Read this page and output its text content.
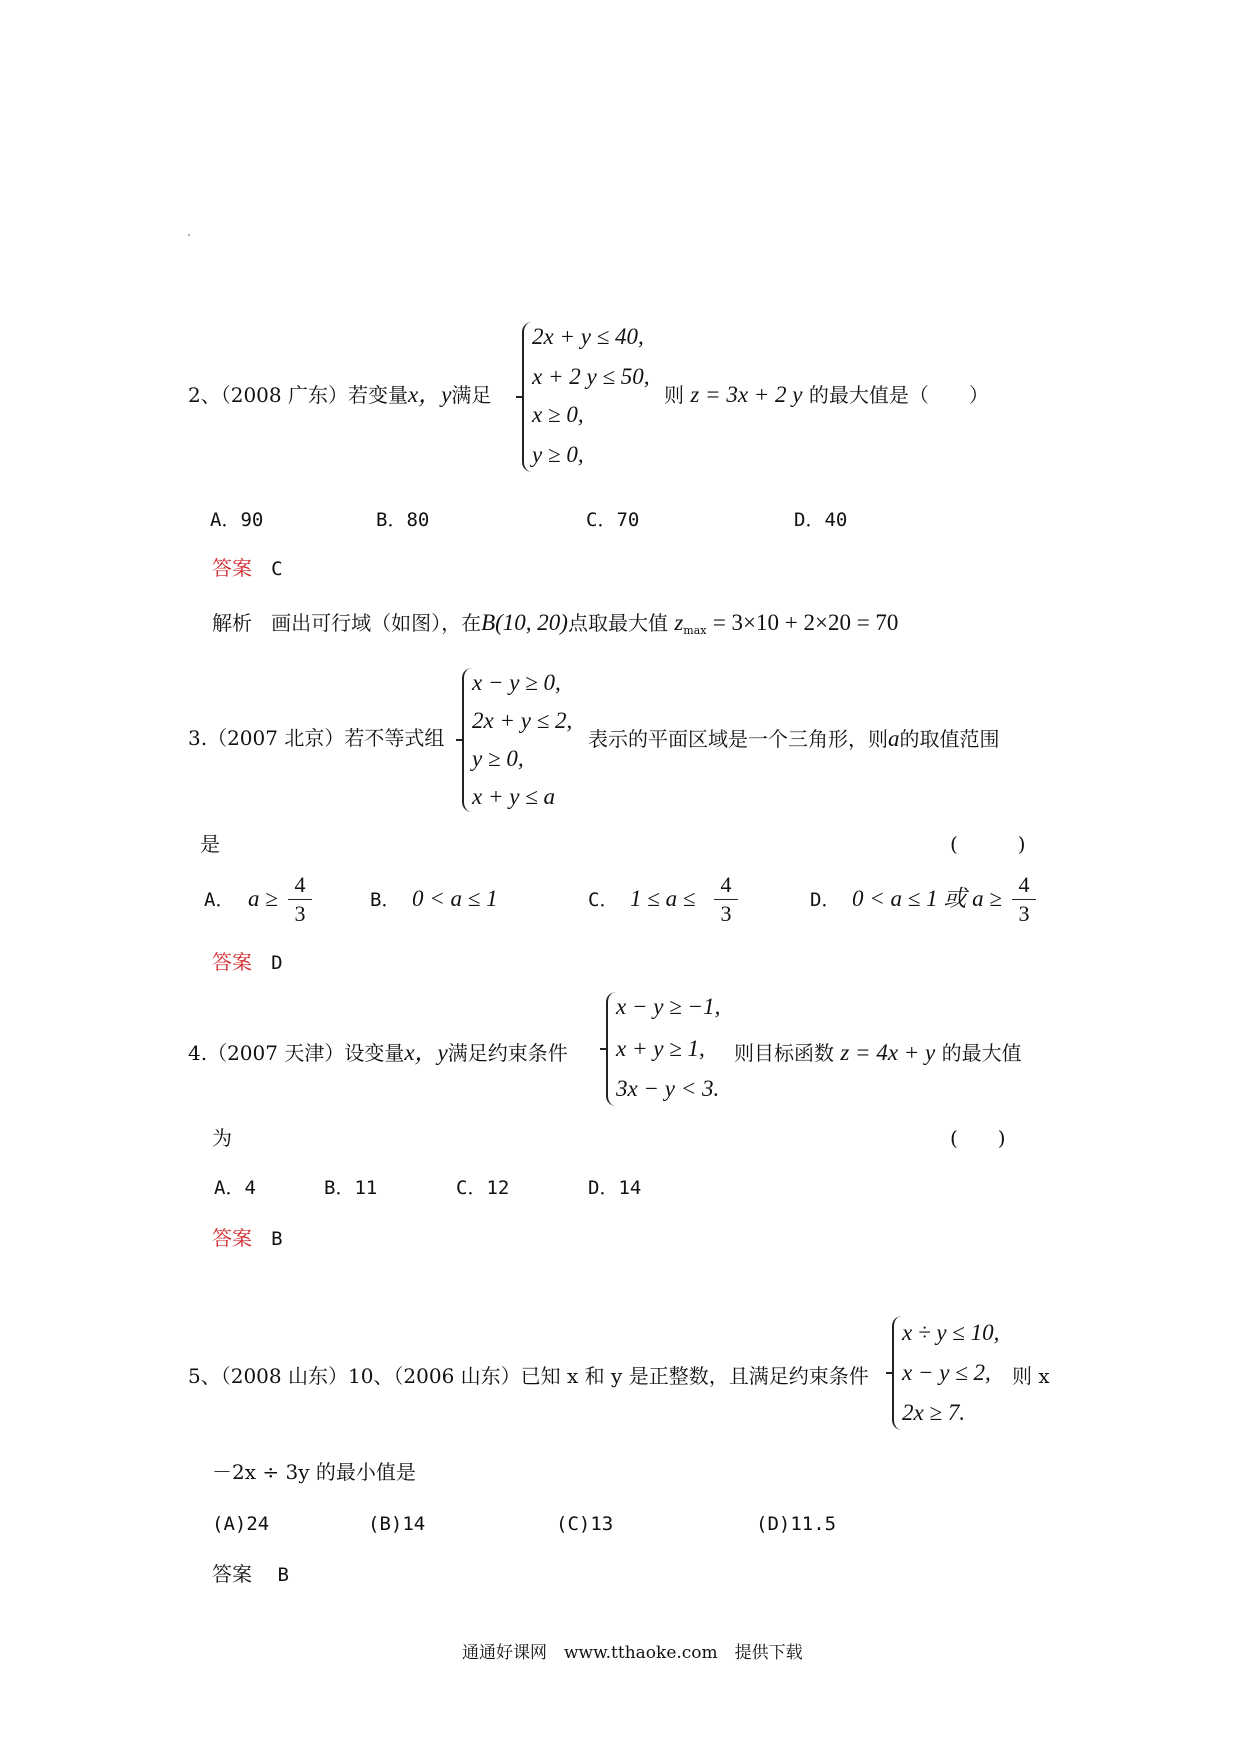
2、（2008 广东）若变量x，y满足
2x + y ≤ 40,
x + 2 y ≤ 50,
x ≥ 0,
y ≥ 0,
则 z = 3x + 2 y 的最大值是（　　）
A．90	B．80	C．70	D．40
答案 C
解析 画出可行域（如图），在B(10, 20)点取最大值 $z_{max} = 3\times 10 + 2\times 20 = 70$
3.（2007 北京）若不等式组
x − y ≥ 0,
2x + y ≤ 2,
y ≥ 0,
x + y ≤ a
表示的平面区域是一个三角形，则a的取值范围
是	(　　　)
A． a ≥
4
3
B． 0 < a ≤ 1	C． 1 ≤ a ≤
4
3
D． 0 < a ≤ 1 或 a ≥
4
3
答案 D
4.（2007 天津）设变量x，y满足约束条件
x − y ≥ −1,
x + y ≥ 1,
3x − y < 3.
则目标函数 z = 4x + y 的最大值
为	(　　)
A．4	B．11	C．12	D．14
答案 B
5、（2008 山东）10、（2006 山东）已知 x 和 y 是正整数，且满足约束条件
x ÷ y ≤ 10,
x − y ≤ 2,
2x ≥ 7.
则 x
－2x ÷ 3y 的最小值是
(A)24	(B)14	(C)13	(D)11.5
答案 B
通通好课网　www.tthaoke.com　提供下载
